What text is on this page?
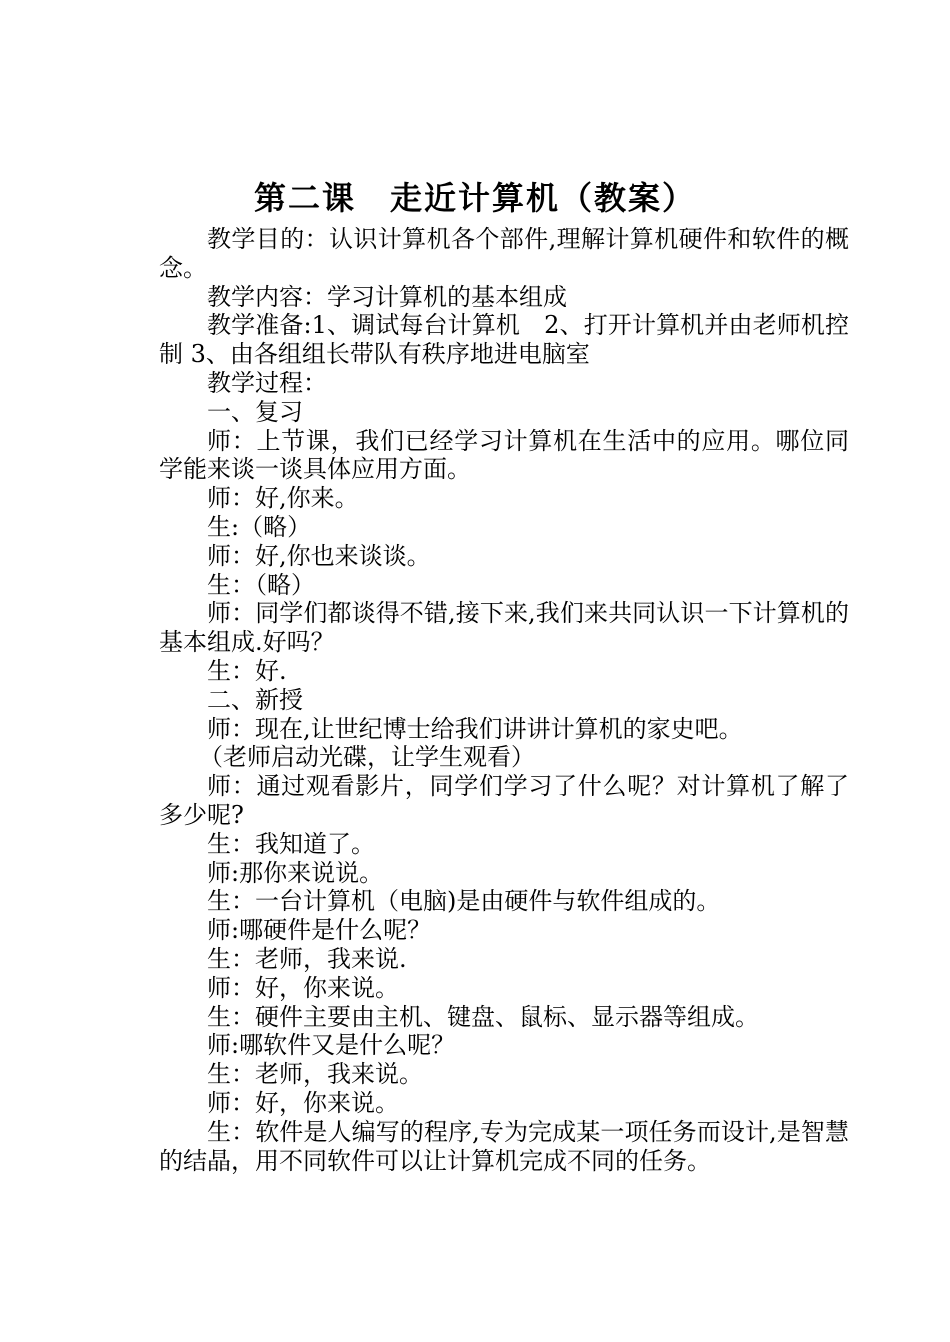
第二课　走近计算机（教案）

教学目的：认识计算机各个部件,理解计算机硬件和软件的概念。

教学内容：学习计算机的基本组成

教学准备:1、调试每台计算机　2、打开计算机并由老师机控制 3、由各组组长带队有秩序地进电脑室

教学过程：

一、复习

师：上节课，我们已经学习计算机在生活中的应用。哪位同学能来谈一谈具体应用方面。

师：好,你来。

生:（略）

师：好,你也来谈谈。

生：（略）

师：同学们都谈得不错,接下来,我们来共同认识一下计算机的基本组成.好吗？

生：好.

二、新授

师：现在,让世纪博士给我们讲讲计算机的家史吧。

（老师启动光碟，让学生观看）

师：通过观看影片，同学们学习了什么呢？对计算机了解了多少呢?

生：我知道了。

师:那你来说说。

生：一台计算机（电脑)是由硬件与软件组成的。

师:哪硬件是什么呢？

生：老师，我来说.

师：好，你来说。

生：硬件主要由主机、键盘、鼠标、显示器等组成。

师:哪软件又是什么呢？

生：老师，我来说。

师：好，你来说。

生：软件是人编写的程序,专为完成某一项任务而设计,是智慧的结晶，用不同软件可以让计算机完成不同的任务。
